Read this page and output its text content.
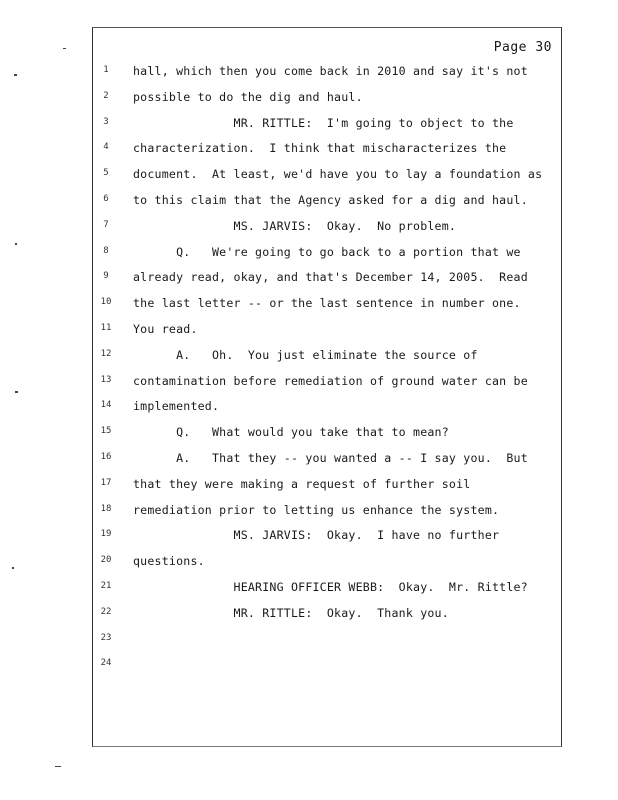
Page 30
1	hall, which then you come back in 2010 and say it's not
2	possible to do the dig and haul.
3	MR. RITTLE:  I'm going to object to the
4	characterization.  I think that mischaracterizes the
5	document.  At least, we'd have you to lay a foundation as
6	to this claim that the Agency asked for a dig and haul.
7	MS. JARVIS:  Okay.  No problem.
8	Q.   We're going to go back to a portion that we
9	already read, okay, and that's December 14, 2005.  Read
10 the last letter -- or the last sentence in number one.
11 You read.
12 A.   Oh.  You just eliminate the source of
13 contamination before remediation of ground water can be
14 implemented.
15 Q.   What would you take that to mean?
16 A.   That they -- you wanted a -- I say you.  But
17 that they were making a request of further soil
18 remediation prior to letting us enhance the system.
19 MS. JARVIS:  Okay.  I have no further
20 questions.
21 HEARING OFFICER WEBB:  Okay.  Mr. Rittle?
22 MR. RITTLE:  Okay.  Thank you.
23
24
